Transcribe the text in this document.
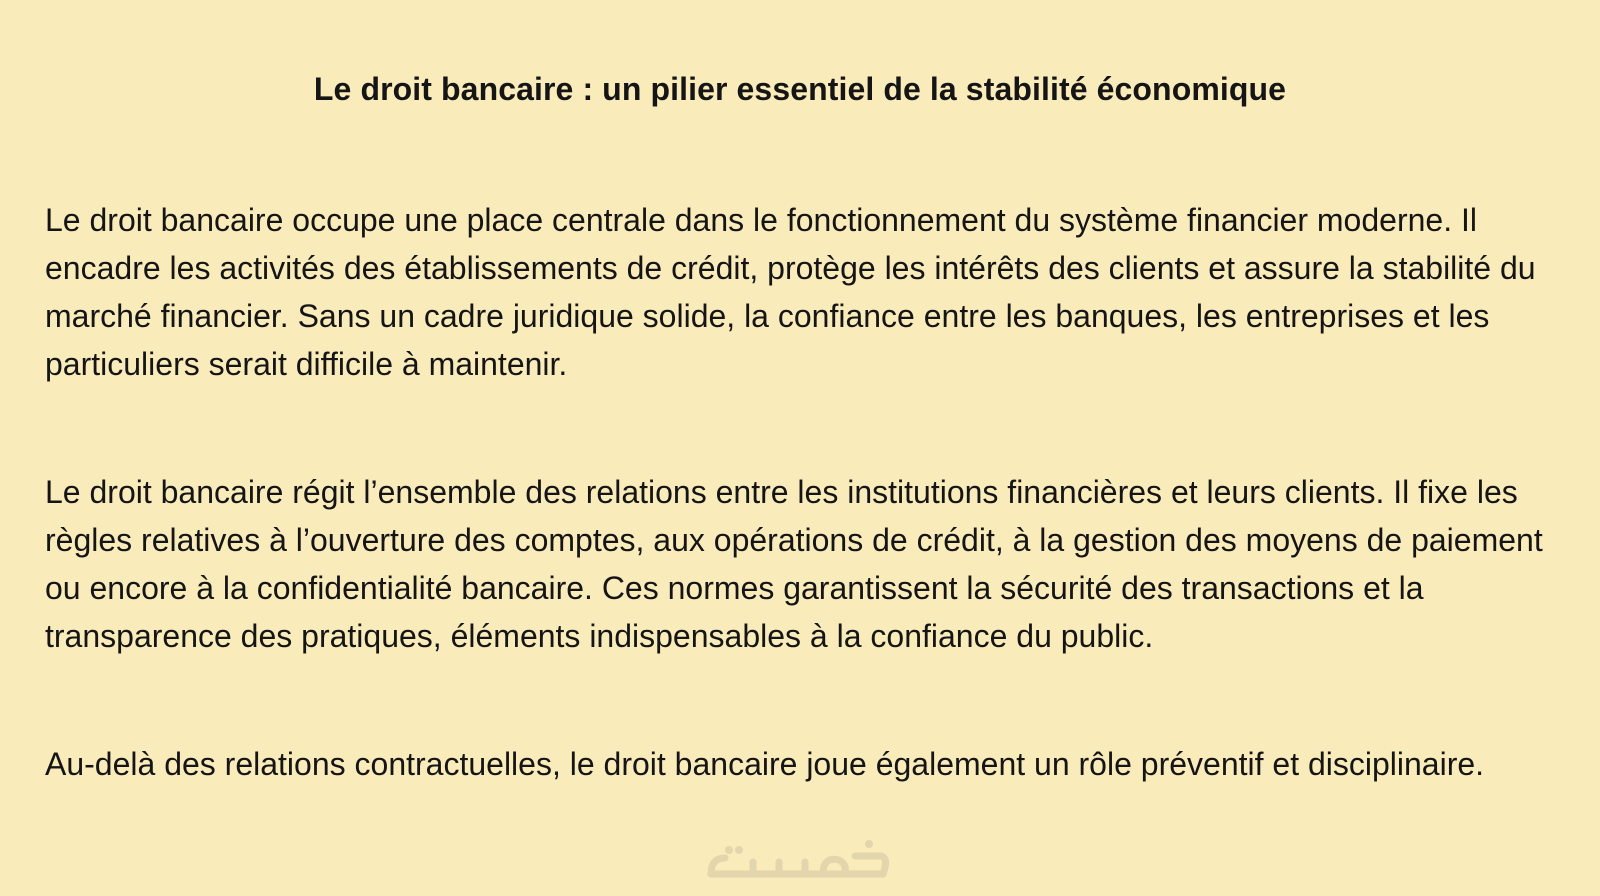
Le droit bancaire : un pilier essentiel de la stabilité économique

Le droit bancaire occupe une place centrale dans le fonctionnement du système financier moderne. Il encadre les activités des établissements de crédit, protège les intérêts des clients et assure la stabilité du marché financier. Sans un cadre juridique solide, la confiance entre les banques, les entreprises et les particuliers serait difficile à maintenir.

Le droit bancaire régit l’ensemble des relations entre les institutions financières et leurs clients. Il fixe les règles relatives à l’ouverture des comptes, aux opérations de crédit, à la gestion des moyens de paiement ou encore à la confidentialité bancaire. Ces normes garantissent la sécurité des transactions et la transparence des pratiques, éléments indispensables à la confiance du public.

Au-delà des relations contractuelles, le droit bancaire joue également un rôle préventif et disciplinaire.
